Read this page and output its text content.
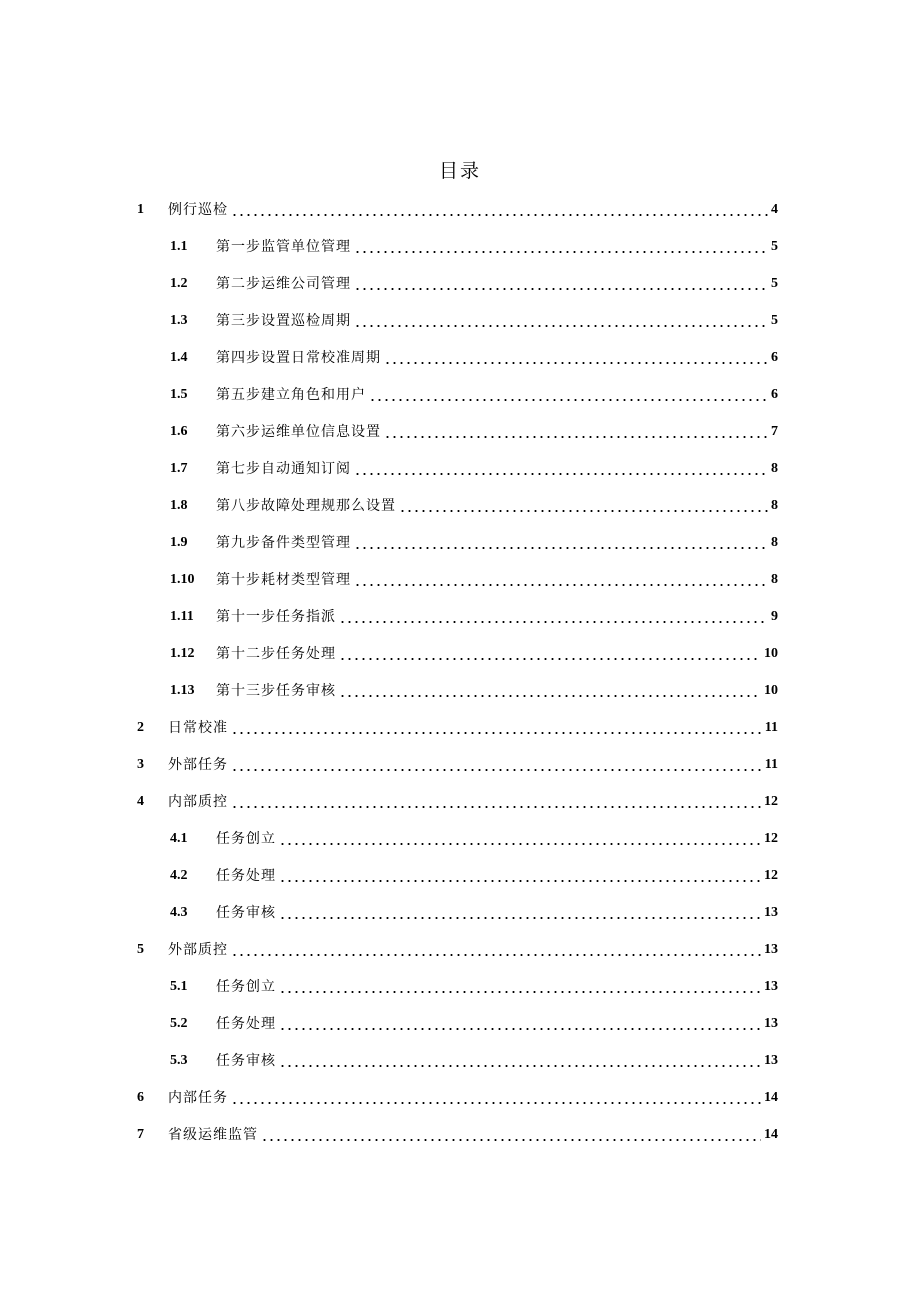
目录
1	例行巡检	4
1.1	第一步监管单位管理	5
1.2	第二步运维公司管理	5
1.3	第三步设置巡检周期	5
1.4	第四步设置日常校准周期	6
1.5	第五步建立角色和用户	6
1.6	第六步运维单位信息设置	7
1.7	第七步自动通知订阅	8
1.8	第八步故障处理规那么设置	8
1.9	第九步备件类型管理	8
1.10	第十步耗材类型管理	8
1.11	第十一步任务指派	9
1.12	第十二步任务处理	10
1.13	第十三步任务审核	10
2	日常校准	11
3	外部任务	11
4	内部质控	12
4.1	任务创立	12
4.2	任务处理	12
4.3	任务审核	13
5	外部质控	13
5.1	任务创立	13
5.2	任务处理	13
5.3	任务审核	13
6	内部任务	14
7	省级运维监管	14
